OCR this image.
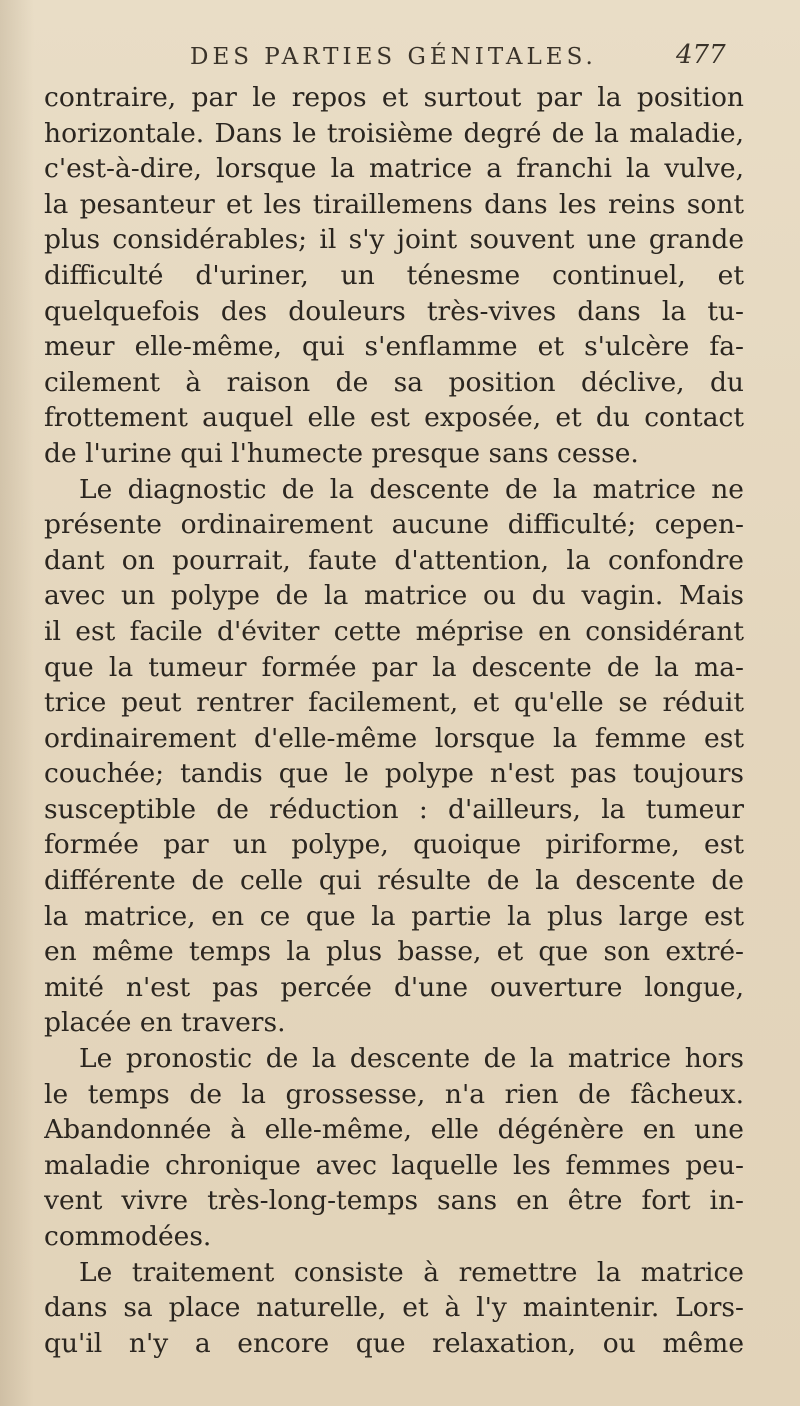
DES PARTIES GÉNITALES.	477
contraire, par le repos et surtout par la position
horizontale. Dans le troisième degré de la maladie,
c'est-à-dire, lorsque la matrice a franchi la vulve,
la pesanteur et les tiraillemens dans les reins sont
plus considérables; il s'y joint souvent une grande
difficulté d'uriner, un ténesme continuel, et
quelquefois des douleurs très-vives dans la tu-
meur elle-même, qui s'enflamme et s'ulcère fa-
cilement à raison de sa position déclive, du
frottement auquel elle est exposée, et du contact
de l'urine qui l'humecte presque sans cesse.
Le diagnostic de la descente de la matrice ne
présente ordinairement aucune difficulté; cepen-
dant on pourrait, faute d'attention, la confondre
avec un polype de la matrice ou du vagin. Mais
il est facile d'éviter cette méprise en considérant
que la tumeur formée par la descente de la ma-
trice peut rentrer facilement, et qu'elle se réduit
ordinairement d'elle-même lorsque la femme est
couchée; tandis que le polype n'est pas toujours
susceptible de réduction : d'ailleurs, la tumeur
formée par un polype, quoique piriforme, est
différente de celle qui résulte de la descente de
la matrice, en ce que la partie la plus large est
en même temps la plus basse, et que son extré-
mité n'est pas percée d'une ouverture longue,
placée en travers.
Le pronostic de la descente de la matrice hors
le temps de la grossesse, n'a rien de fâcheux.
Abandonnée à elle-même, elle dégénère en une
maladie chronique avec laquelle les femmes peu-
vent vivre très-long-temps sans en être fort in-
commodées.
Le traitement consiste à remettre la matrice
dans sa place naturelle, et à l'y maintenir. Lors-
qu'il n'y a encore que relaxation, ou même
